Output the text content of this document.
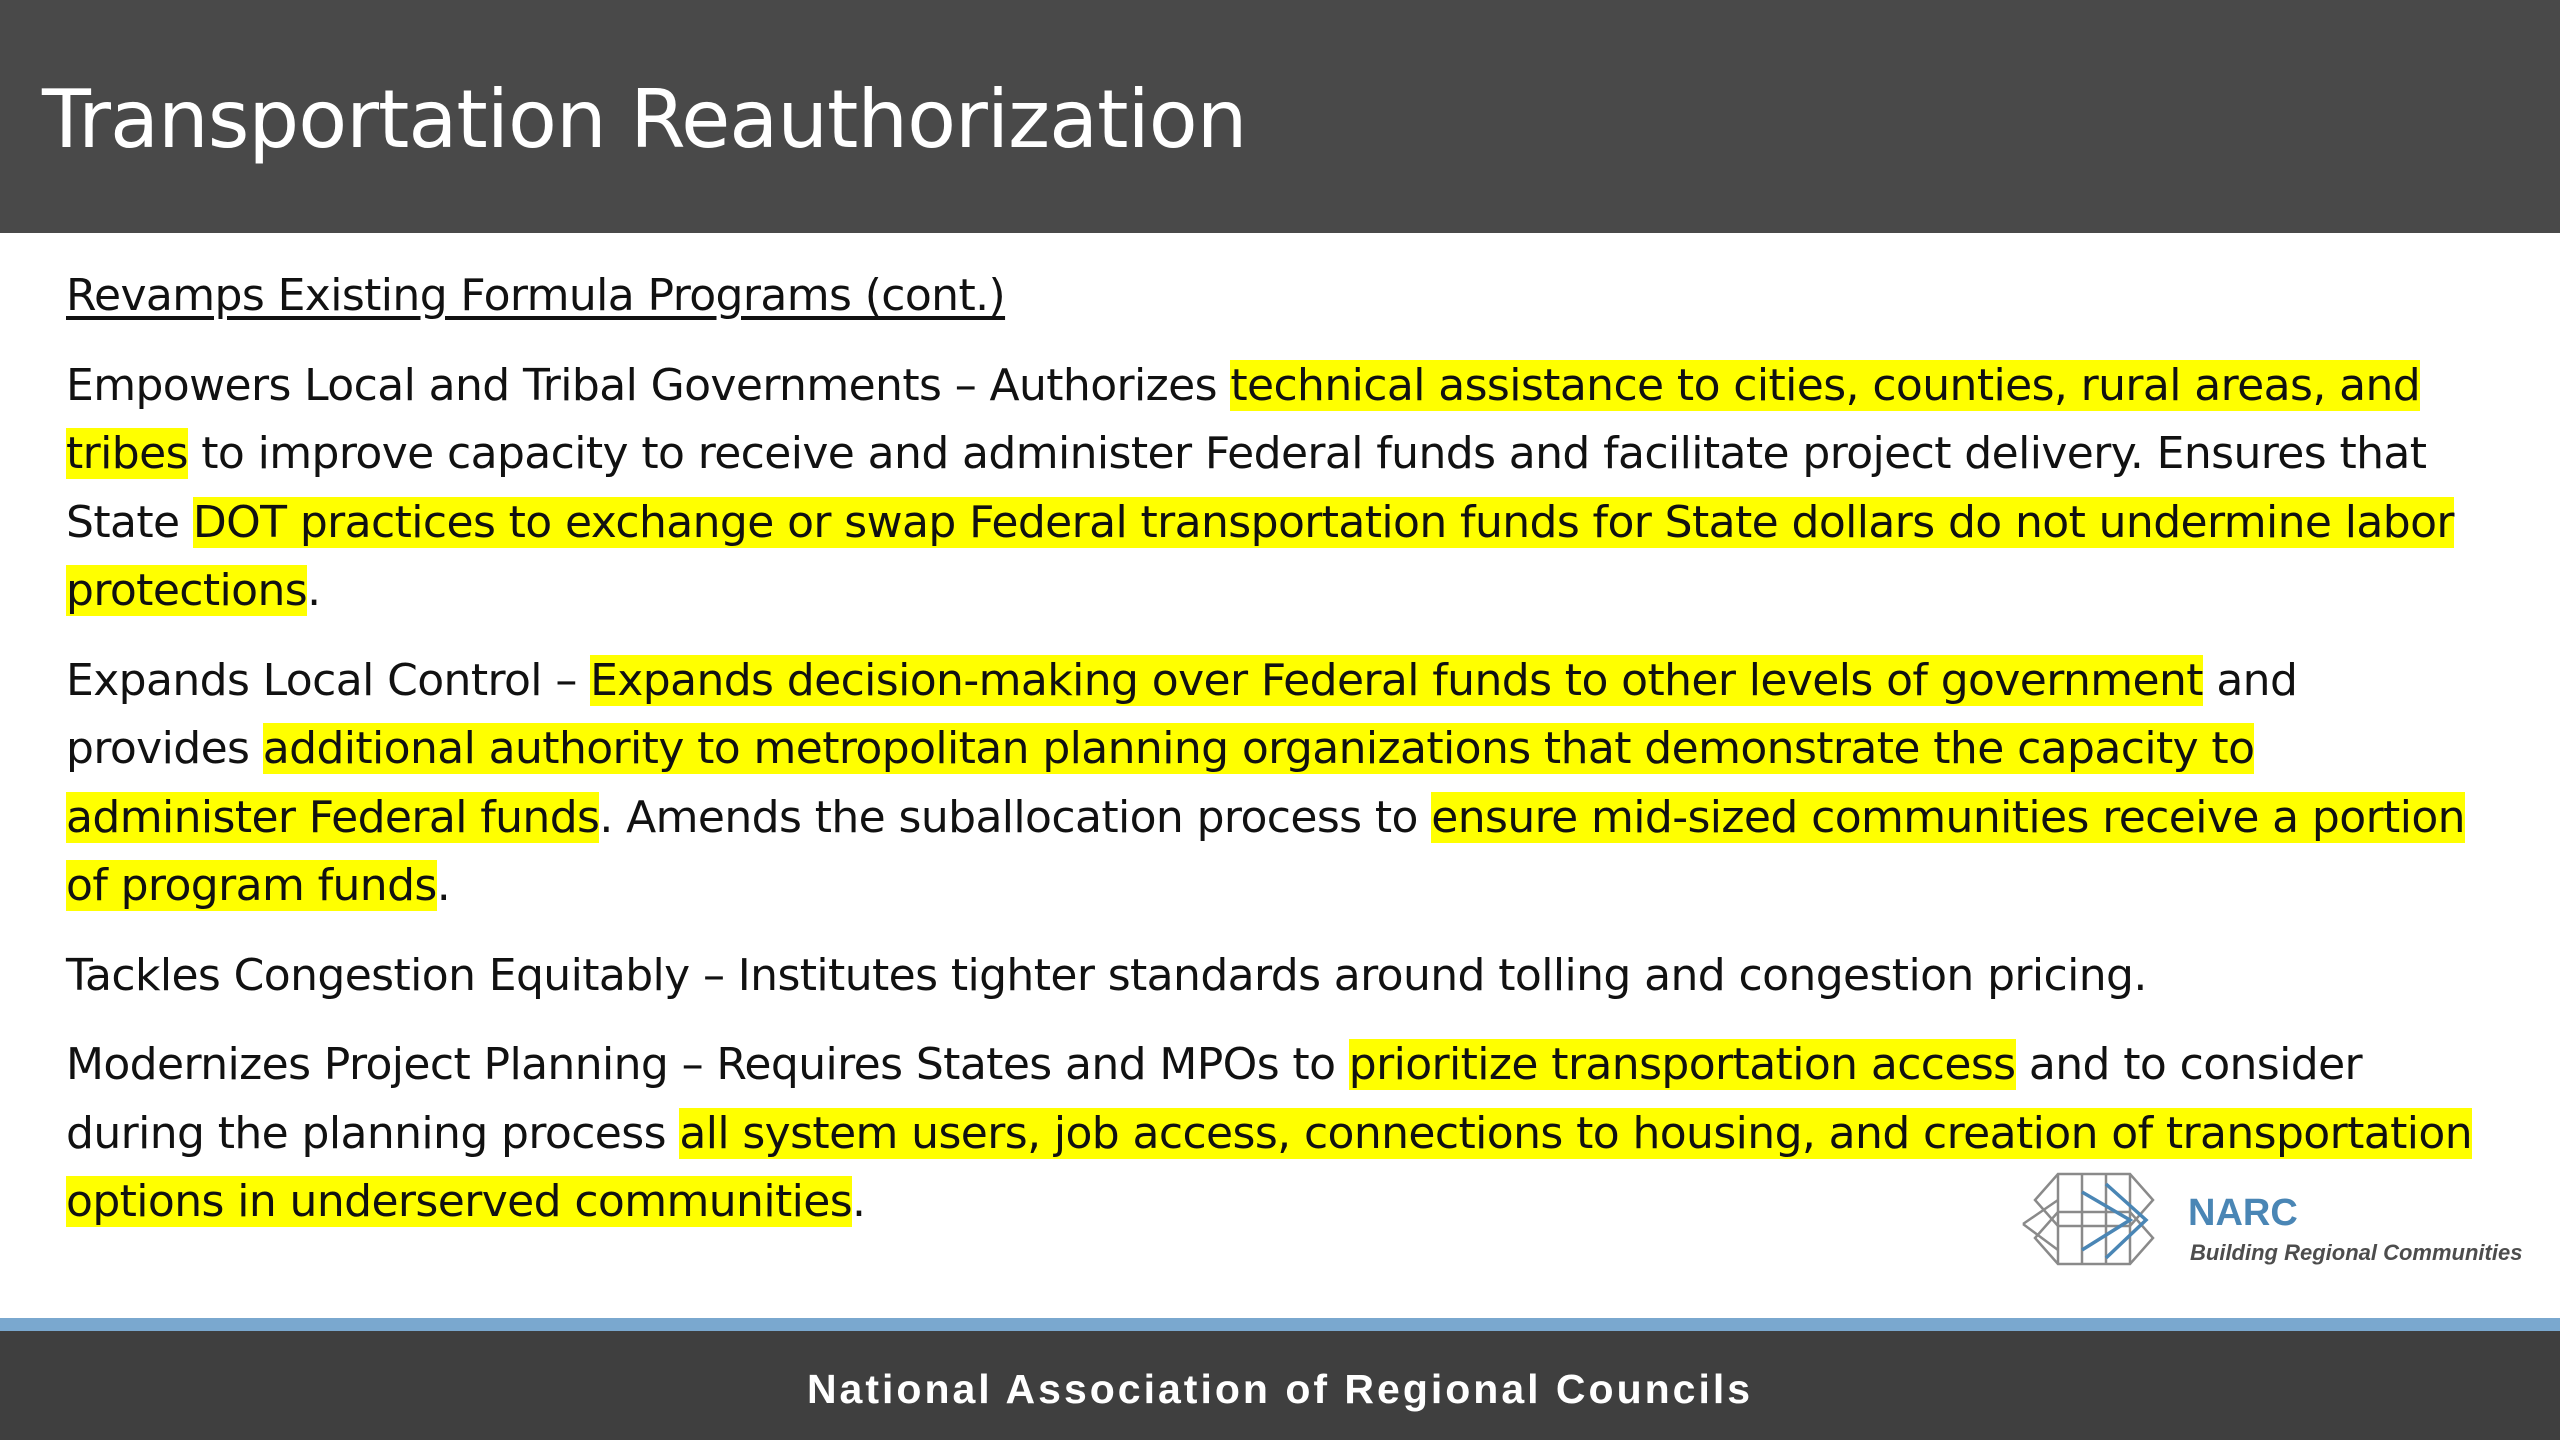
Transportation Reauthorization

Revamps Existing Formula Programs (cont.)

Empowers Local and Tribal Governments – Authorizes technical assistance to cities, counties, rural areas, and tribes to improve capacity to receive and administer Federal funds and facilitate project delivery. Ensures that State DOT practices to exchange or swap Federal transportation funds for State dollars do not undermine labor protections.

Expands Local Control – Expands decision-making over Federal funds to other levels of government and provides additional authority to metropolitan planning organizations that demonstrate the capacity to administer Federal funds. Amends the suballocation process to ensure mid-sized communities receive a portion of program funds.

Tackles Congestion Equitably – Institutes tighter standards around tolling and congestion pricing.

Modernizes Project Planning – Requires States and MPOs to prioritize transportation access and to consider during the planning process all system users, job access, connections to housing, and creation of transportation options in underserved communities.	NARC
Building Regional Communities
National Association of Regional Councils
